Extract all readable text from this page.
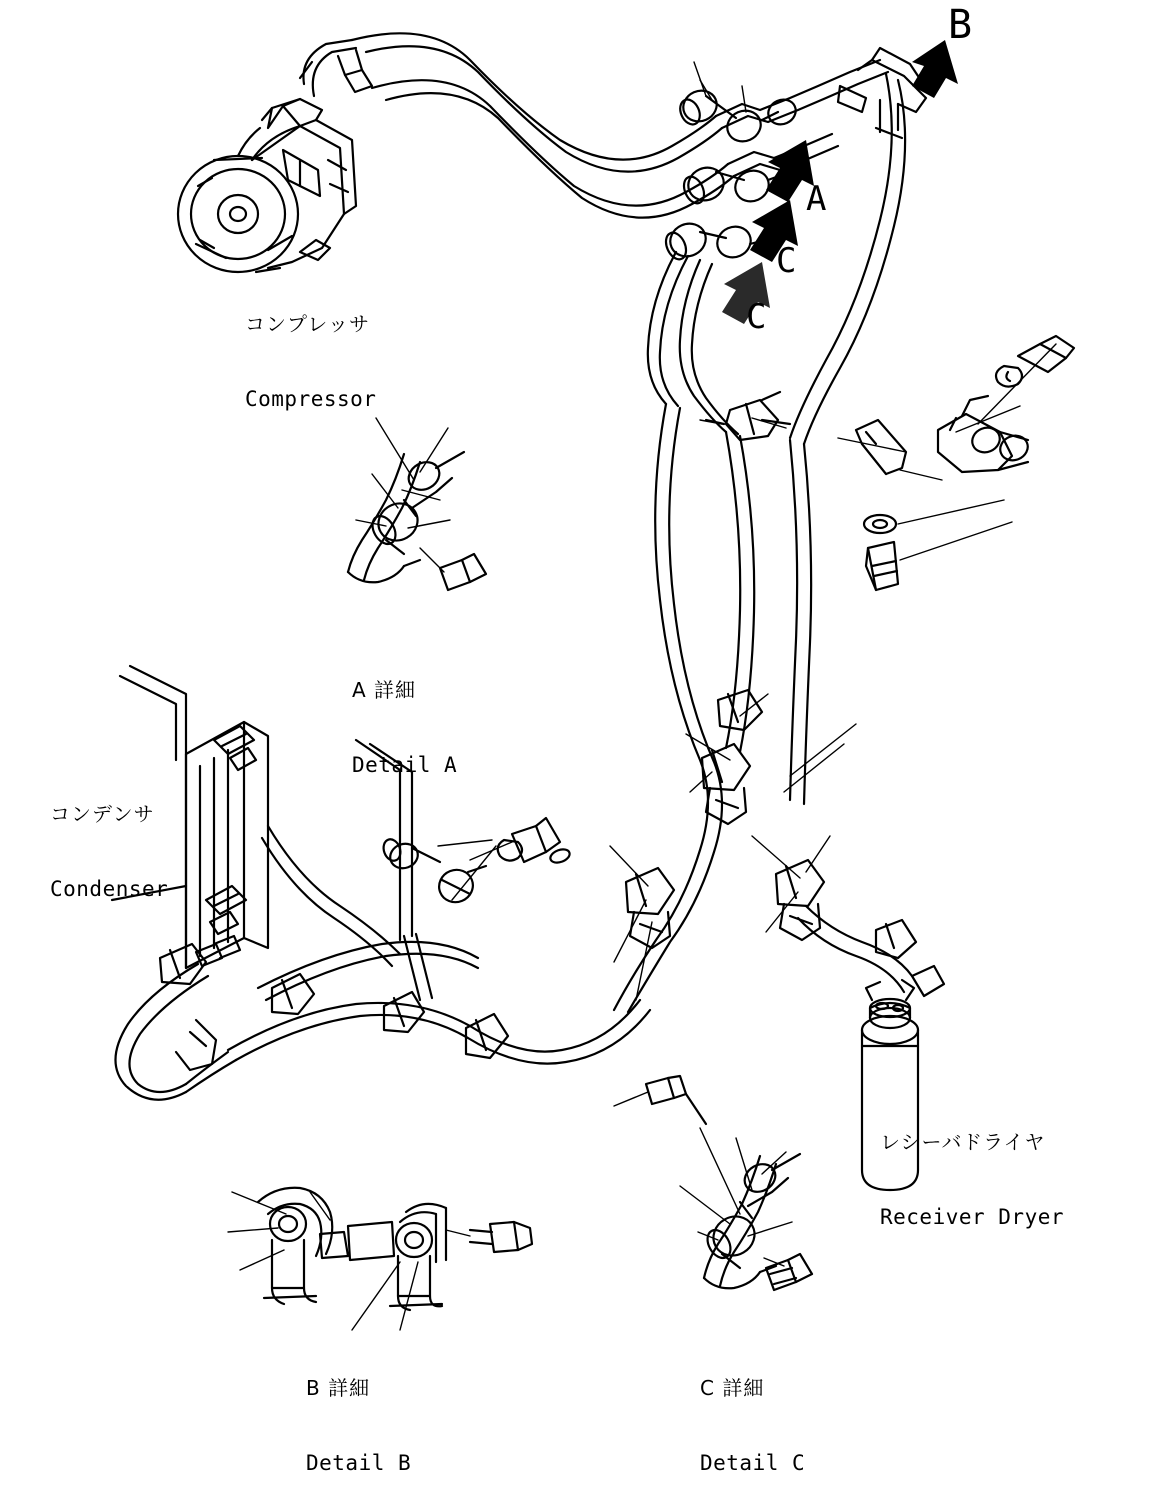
コンプレッサ

Compressor

コンデンサ

Condenser

レシーバドライヤ

Receiver Dryer

A 詳細

Detail A

B 詳細

Detail B

C 詳細

Detail C

B
A
C
C
